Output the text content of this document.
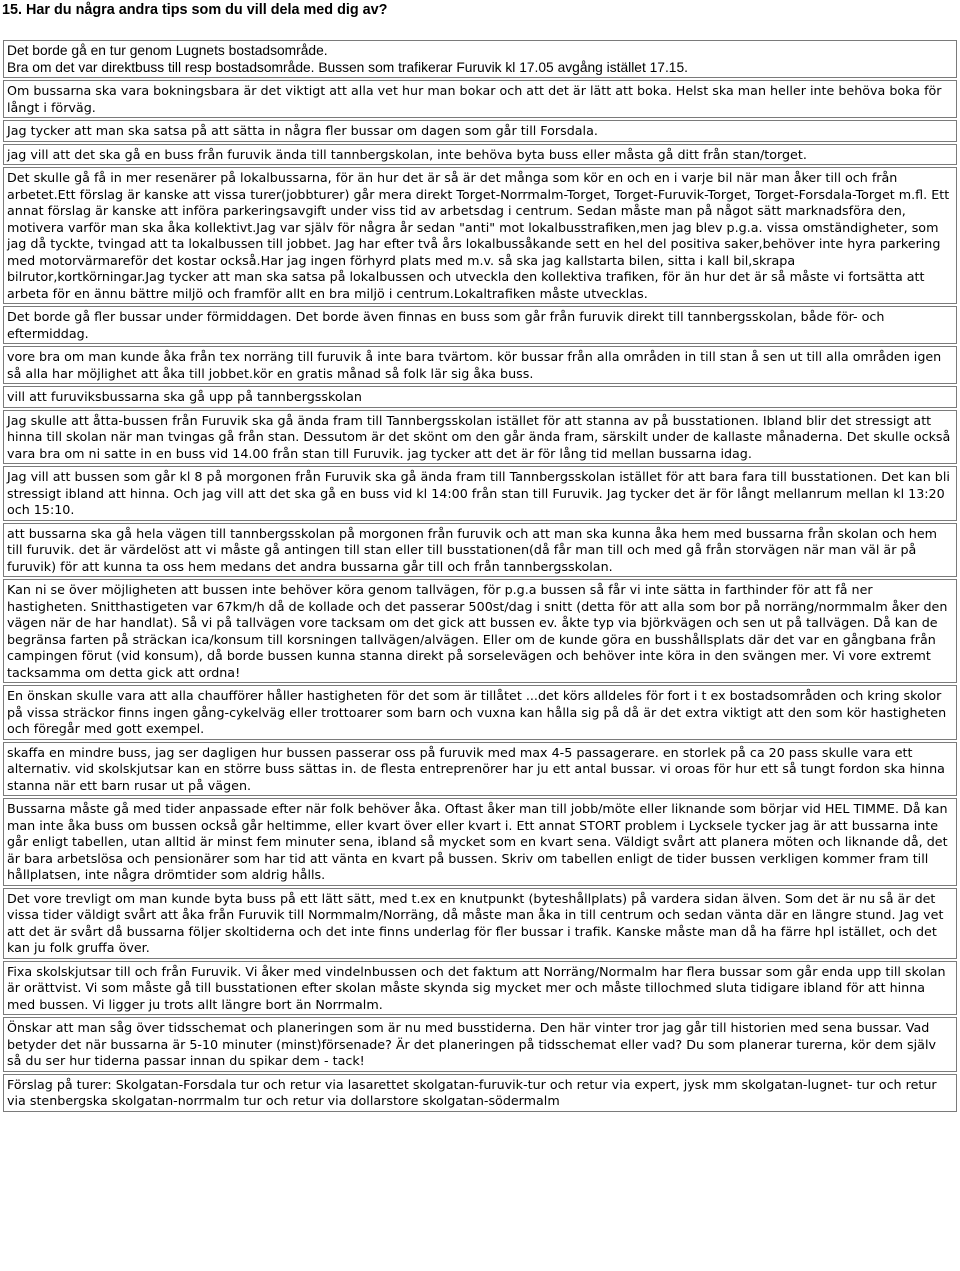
15. Har du några andra tips som du vill dela med dig av?
Det borde gå en tur genom Lugnets bostadsområde.
Bra om det var direktbuss till resp bostadsområde. Bussen som trafikerar Furuvik kl 17.05 avgång istället 17.15.
Om bussarna ska vara bokningsbara är det viktigt att alla vet hur man bokar och att det är lätt att boka. Helst ska man heller inte behöva boka för långt i förväg.
Jag tycker att man ska satsa på att sätta in några fler bussar om dagen som går till Forsdala.
jag vill att det ska gå en buss från furuvik ända till tannbergskolan, inte behöva byta buss eller måsta gå ditt från stan/torget.
Det skulle gå få in mer resenärer på lokalbussarna, för än hur det är så är det många som kör en och en i varje bil när man åker till och från arbetet.Ett förslag är kanske att vissa turer(jobbturer) går mera direkt Torget-Norrmalm-Torget, Torget-Furuvik-Torget, Torget-Forsdala-Torget m.fl. Ett annat förslag är kanske att införa parkeringsavgift under viss tid av arbetsdag i centrum. Sedan måste man på något sätt marknadsföra den, motivera varför man ska åka kollektivt.Jag var själv för några år sedan "anti" mot lokalbusstrafiken,men jag blev p.g.a. vissa omständigheter, som jag då tyckte, tvingad att ta lokalbussen till jobbet. Jag har efter två års lokalbussåkande sett en hel del positiva saker,behöver inte hyra parkering med motorvärmareför det kostar också.Har jag ingen förhyrd plats med m.v. så ska jag kallstarta bilen, sitta i kall bil,skrapa bilrutor,kortkörningar.Jag tycker att man ska satsa på lokalbussen och utveckla den kollektiva trafiken, för än hur det är så måste vi fortsätta att arbeta för en ännu bättre miljö och framför allt en bra miljö i centrum.Lokaltrafiken måste utvecklas.
Det borde gå fler bussar under förmiddagen. Det borde även finnas en buss som går från furuvik direkt till tannbergsskolan, både för- och eftermiddag.
vore bra om man kunde åka från tex norräng till furuvik å inte bara tvärtom. kör bussar från alla områden in till stan å sen ut till alla områden igen så alla har möjlighet att åka till jobbet.kör en gratis månad så folk lär sig åka buss.
vill att furuviksbussarna ska gå upp på tannbergsskolan
Jag skulle att åtta-bussen från Furuvik ska gå ända fram till Tannbergsskolan istället för att stanna av på busstationen. Ibland blir det stressigt att hinna till skolan när man tvingas gå från stan. Dessutom är det skönt om den går ända fram, särskilt under de kallaste månaderna. Det skulle också vara bra om ni satte in en buss vid 14.00 från stan till Furuvik. jag tycker att det är för lång tid mellan bussarna idag.
Jag vill att bussen som går kl 8 på morgonen från Furuvik ska gå ända fram till Tannbergsskolan istället för att bara fara till busstationen. Det kan bli stressigt ibland att hinna. Och jag vill att det ska gå en buss vid kl 14:00 från stan till Furuvik. Jag tycker det är för långt mellanrum mellan kl 13:20 och 15:10.
att bussarna ska gå hela vägen till tannbergsskolan på morgonen från furuvik och att man ska kunna åka hem med bussarna från skolan och hem till furuvik. det är värdelöst att vi måste gå antingen till stan eller till busstationen(då får man till och med gå från storvägen när man väl är på furuvik) för att kunna ta oss hem medans det andra bussarna går till och från tannbergsskolan.
Kan ni se över möjligheten att bussen inte behöver köra genom tallvägen, för p.g.a bussen så får vi inte sätta in farthinder för att få ner hastigheten. Snitthastigeten var 67km/h då de kollade och det passerar 500st/dag i snitt (detta för att alla som bor på norräng/normmalm åker den vägen när de har handlat). Så vi på tallvägen vore tacksam om det gick att bussen ev. åkte typ via björkvägen och sen ut på tallvägen. Då kan de begränsa farten på sträckan ica/konsum till korsningen tallvägen/alvägen. Eller om de kunde göra en busshållsplats där det var en gångbana från campingen förut (vid konsum), då borde bussen kunna stanna direkt på sorselevägen och behöver inte köra in den svängen mer. Vi vore extremt tacksamma om detta gick att ordna!
En önskan skulle vara att alla chaufförer håller hastigheten för det som är tillåtet ...det körs alldeles för fort i t ex bostadsområden och kring skolor på vissa sträckor finns ingen gång-cykelväg eller trottoarer som barn och vuxna kan hålla sig på då är det extra viktigt att den som kör hastigheten och föregår med gott exempel.
skaffa en mindre buss, jag ser dagligen hur bussen passerar oss på furuvik med max 4-5 passagerare. en storlek på ca 20 pass skulle vara ett alternativ. vid skolskjutsar kan en större buss sättas in. de flesta entreprenörer har ju ett antal bussar. vi oroas för hur ett så tungt fordon ska hinna stanna när ett barn rusar ut på vägen.
Bussarna måste gå med tider anpassade efter när folk behöver åka. Oftast åker man till jobb/möte eller liknande som börjar vid HEL TIMME. Då kan man inte åka buss om bussen också går heltimme, eller kvart över eller kvart i. Ett annat STORT problem i Lycksele tycker jag är att bussarna inte går enligt tabellen, utan alltid är minst fem minuter sena, ibland så mycket som en kvart sena. Väldigt svårt att planera möten och liknande då, det är bara arbetslösa och pensionärer som har tid att vänta en kvart på bussen. Skriv om tabellen enligt de tider bussen verkligen kommer fram till hållplatsen, inte några drömtider som aldrig hålls.
Det vore trevligt om man kunde byta buss på ett lätt sätt, med t.ex en knutpunkt (byteshållplats) på vardera sidan älven. Som det är nu så är det vissa tider väldigt svårt att åka från Furuvik till Normmalm/Norräng, då måste man åka in till centrum och sedan vänta där en längre stund. Jag vet att det är svårt då bussarna följer skoltiderna och det inte finns underlag för fler bussar i trafik. Kanske måste man då ha färre hpl istället, och det kan ju folk gruffa över.
Fixa skolskjutsar till och från Furuvik. Vi åker med vindelnbussen och det faktum att Norräng/Normalm har flera bussar som går enda upp till skolan är orättvist. Vi som måste gå till busstationen efter skolan måste skynda sig mycket mer och måste tillochmed sluta tidigare ibland för att hinna med bussen. Vi ligger ju trots allt längre bort än Norrmalm.
Önskar att man såg över tidsschemat och planeringen som är nu med busstiderna. Den här vinter tror jag går till historien med sena bussar. Vad betyder det när bussarna är 5-10 minuter (minst)försenade? Är det planeringen på tidsschemat eller vad? Du som planerar turerna, kör dem själv så du ser hur tiderna passar innan du spikar dem - tack!
Förslag på turer: Skolgatan-Forsdala tur och retur via lasarettet skolgatan-furuvik-tur och retur via expert, jysk mm skolgatan-lugnet- tur och retur via stenbergska skolgatan-norrmalm tur och retur via dollarstore skolgatan-södermalm
